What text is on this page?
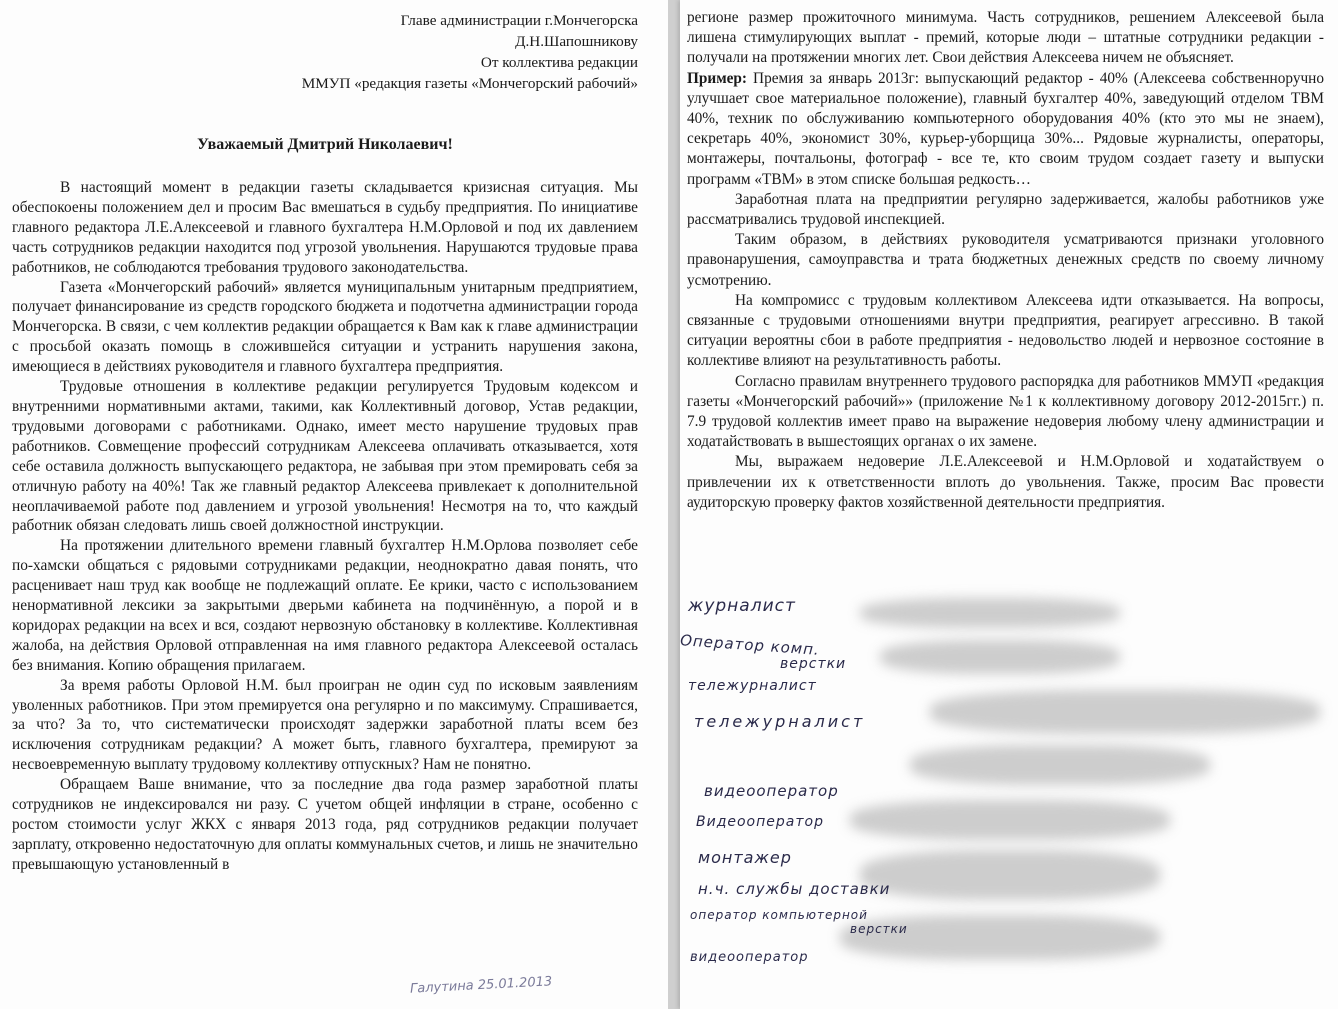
Главе администрации г.Мончегорска
Д.Н.Шапошникову
От коллектива редакции
ММУП «редакция газеты «Мончегорский рабочий»
Уважаемый Дмитрий Николаевич!

В настоящий момент в редакции газеты складывается кризисная ситуация. Мы обеспокоены положением дел и просим Вас вмешаться в судьбу предприятия. По инициативе главного редактора Л.Е.Алексеевой и главного бухгалтера Н.М.Орловой и под их давлением часть сотрудников редакции находится под угрозой увольнения. Нарушаются трудовые права работников, не соблюдаются требования трудового законодательства.

Газета «Мончегорский рабочий» является муниципальным унитарным предприятием, получает финансирование из средств городского бюджета и подотчетна администрации города Мончегорска. В связи, с чем коллектив редакции обращается к Вам как к главе администрации с просьбой оказать помощь в сложившейся ситуации и устранить нарушения закона, имеющиеся в действиях руководителя и главного бухгалтера предприятия.

Трудовые отношения в коллективе редакции регулируется Трудовым кодексом и внутренними нормативными актами, такими, как Коллективный договор, Устав редакции, трудовыми договорами с работниками. Однако, имеет место нарушение трудовых прав работников. Совмещение профессий сотрудникам Алексеева оплачивать отказывается, хотя себе оставила должность выпускающего редактора, не забывая при этом премировать себя за отличную работу на 40%! Так же главный редактор Алексеева привлекает к дополнительной неоплачиваемой работе под давлением и угрозой увольнения! Несмотря на то, что каждый работник обязан следовать лишь своей должностной инструкции.

На протяжении длительного времени главный бухгалтер Н.М.Орлова позволяет себе по-хамски общаться с рядовыми сотрудниками редакции, неоднократно давая понять, что расценивает наш труд как вообще не подлежащий оплате. Ее крики, часто с использованием ненормативной лексики за закрытыми дверьми кабинета на подчинённую, а порой и в коридорах редакции на всех и вся, создают нервозную обстановку в коллективе. Коллективная жалоба, на действия Орловой отправленная на имя главного редактора Алексеевой осталась без внимания. Копию обращения прилагаем.

За время работы Орловой Н.М. был проигран не один суд по исковым заявлениям уволенных работников. При этом премируется она регулярно и по максимуму. Спрашивается, за что? За то, что систематически происходят задержки заработной платы всем без исключения сотрудникам редакции? А может быть, главного бухгалтера, премируют за несвоевременную выплату трудовому коллективу отпускных? Нам не понятно.

Обращаем Ваше внимание, что за последние два года размер заработной платы сотрудников не индексировался ни разу. С учетом общей инфляции в стране, особенно с ростом стоимости услуг ЖКХ с января 2013 года, ряд сотрудников редакции получает зарплату, откровенно недостаточную для оплаты коммунальных счетов, и лишь не значительно превышающую установленный в

Галутина 25.01.2013

регионе размер прожиточного минимума. Часть сотрудников, решением Алексеевой была лишена стимулирующих выплат - премий, которые люди – штатные сотрудники редакции - получали на протяжении многих лет. Свои действия Алексеева ничем не объясняет.

Пример: Премия за январь 2013г: выпускающий редактор - 40% (Алексеева собственноручно улучшает свое материальное положение), главный бухгалтер 40%, заведующий отделом ТВМ 40%, техник по обслуживанию компьютерного оборудования 40% (кто это мы не знаем), секретарь 40%, экономист 30%, курьер-уборщица 30%... Рядовые журналисты, операторы, монтажеры, почтальоны, фотограф - все те, кто своим трудом создает газету и выпуски программ «ТВМ» в этом списке большая редкость…

Заработная плата на предприятии регулярно задерживается, жалобы работников уже рассматривались трудовой инспекцией.

Таким образом, в действиях руководителя усматриваются признаки уголовного правонарушения, самоуправства и трата бюджетных денежных средств по своему личному усмотрению.

На компромисс с трудовым коллективом Алексеева идти отказывается. На вопросы, связанные с трудовыми отношениями внутри предприятия, реагирует агрессивно. В такой ситуации вероятны сбои в работе предприятия - недовольство людей и нервозное состояние в коллективе влияют на результативность работы.

Согласно правилам внутреннего трудового распорядка для работников ММУП «редакция газеты «Мончегорский рабочий»» (приложение №1 к коллективному договору 2012-2015гг.) п. 7.9 трудовой коллектив имеет право на выражение недоверия любому члену администрации и ходатайствовать в вышестоящих органах о их замене.

Мы, выражаем недоверие Л.Е.Алексеевой и Н.М.Орловой и ходатайствуем о привлечении их к ответственности вплоть до увольнения. Также, просим Вас провести аудиторскую проверку фактов хозяйственной деятельности предприятия.

журналист
Оператор комп.
верстки
тележурналист
тележурналист
видеооператор
Видеооператор
монтажер
н.ч. службы доставки
оператор компьютерной
верстки
видеооператор
